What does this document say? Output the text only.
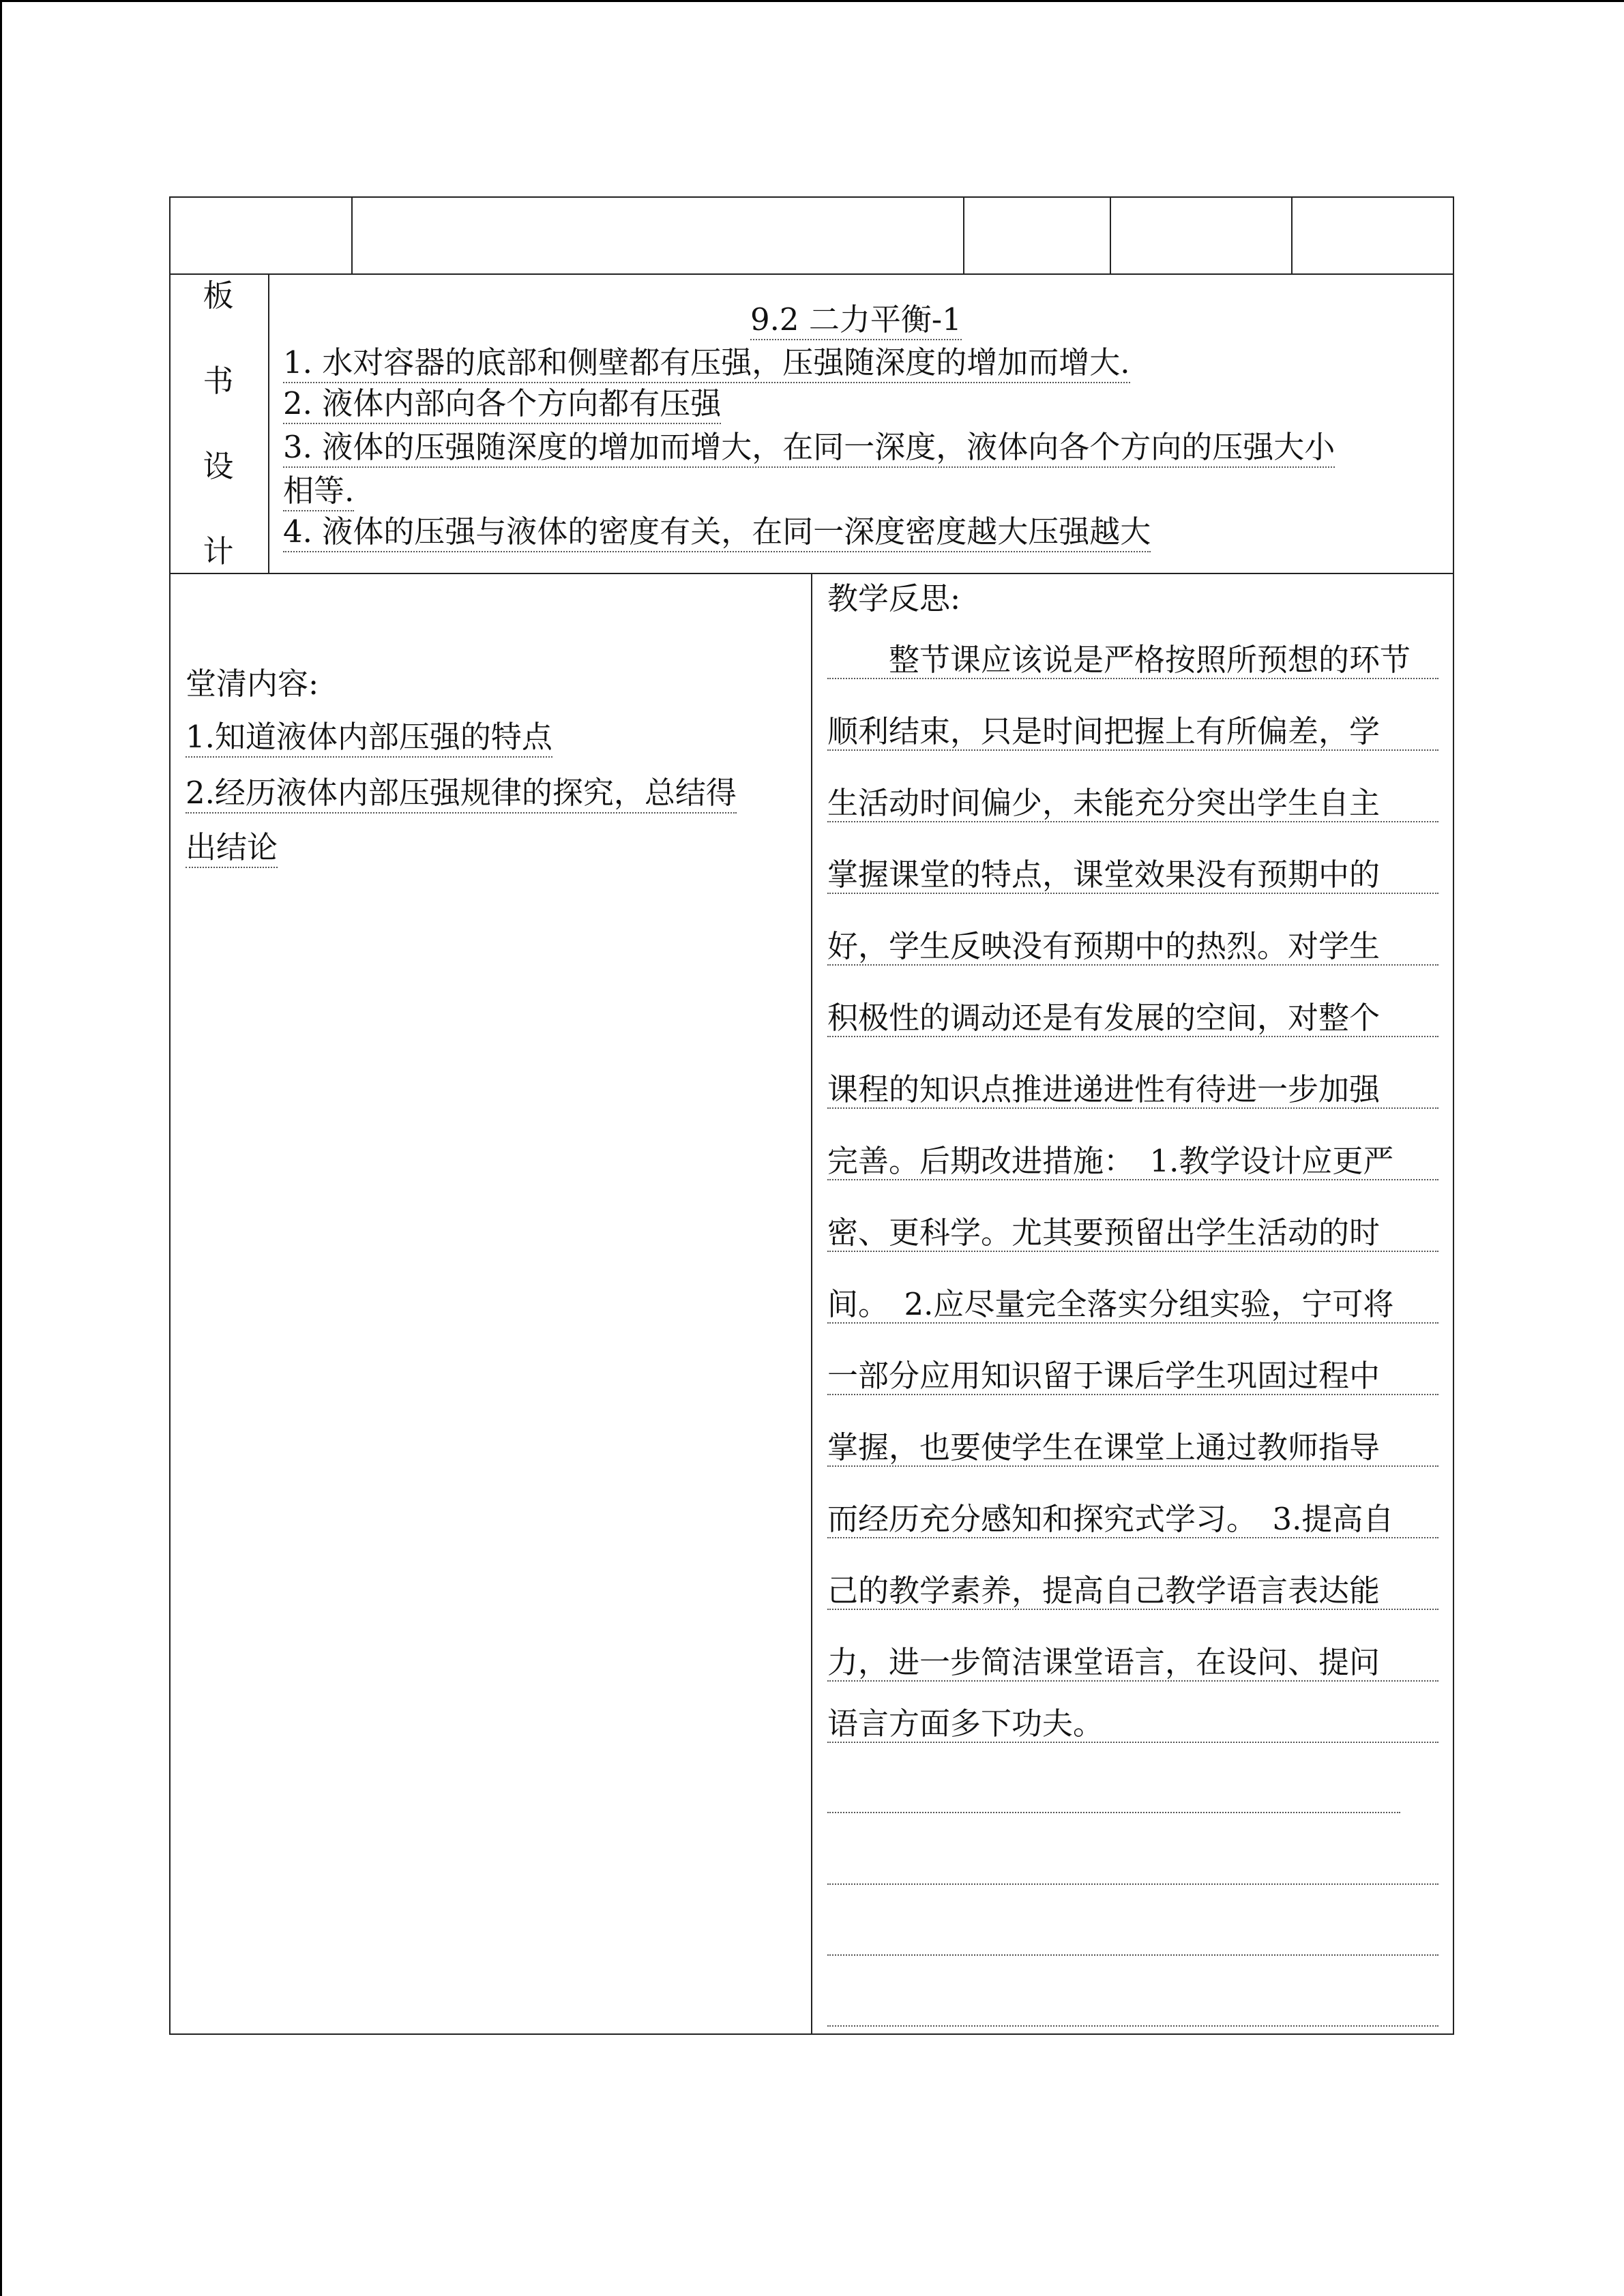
板
书
设
计
9.2 二力平衡-1
1. 水对容器的底部和侧壁都有压强，压强随深度的增加而增大.
2. 液体内部向各个方向都有压强
3. 液体的压强随深度的增加而增大，在同一深度，液体向各个方向的压强大小
相等.
4. 液体的压强与液体的密度有关，在同一深度密度越大压强越大
堂清内容:
1.知道液体内部压强的特点
2.经历液体内部压强规律的探究，总结得
出结论
教学反思:
　　整节课应该说是严格按照所预想的环节
顺利结束，只是时间把握上有所偏差，学
生活动时间偏少，未能充分突出学生自主
掌握课堂的特点，课堂效果没有预期中的
好，学生反映没有预期中的热烈。对学生
积极性的调动还是有发展的空间，对整个
课程的知识点推进递进性有待进一步加强
完善。后期改进措施：　1.教学设计应更严
密、更科学。尤其要预留出学生活动的时
间。　2.应尽量完全落实分组实验，宁可将
一部分应用知识留于课后学生巩固过程中
掌握，也要使学生在课堂上通过教师指导
而经历充分感知和探究式学习。　3.提高自
己的教学素养，提高自己教学语言表达能
力，进一步简洁课堂语言，在设问、提问
语言方面多下功夫。
